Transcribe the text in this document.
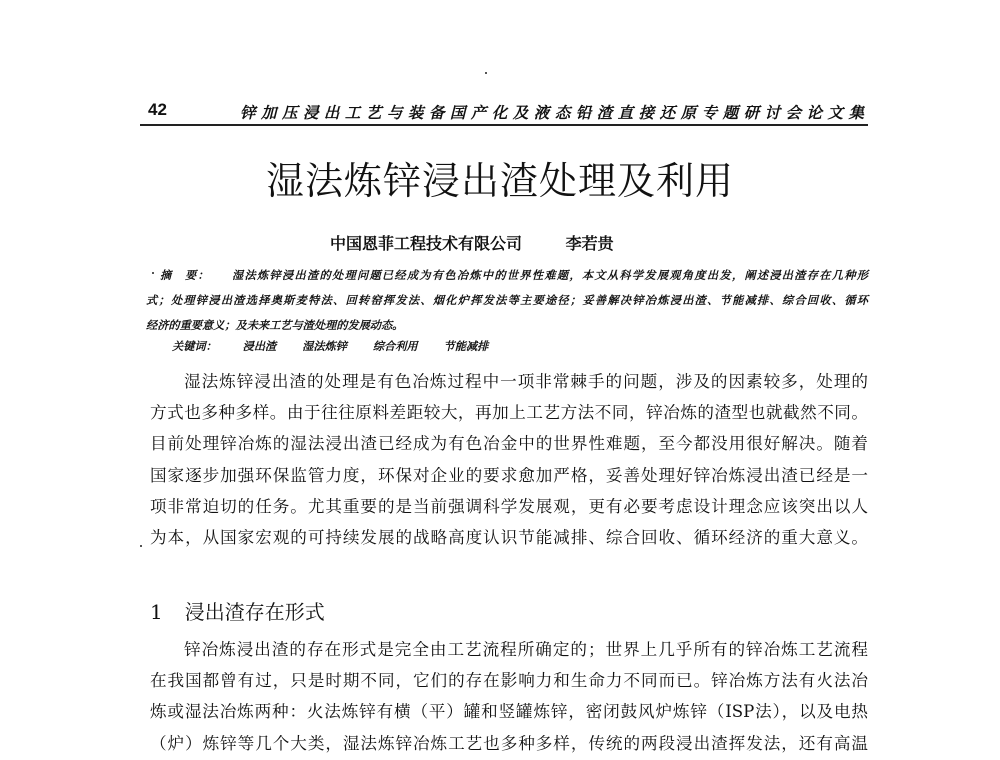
42	锌加压浸出工艺与装备国产化及液态铅渣直接还原专题研讨会论文集
湿法炼锌浸出渣处理及利用
中国恩菲工程技术有限公司	李若贵
摘　要： 湿法炼锌浸出渣的处理问题已经成为有色冶炼中的世界性难题，本文从科学发展观角度出发，阐述浸出渣存在几种形
式；处理锌浸出渣选择奥斯麦特法、回转窑挥发法、烟化炉挥发法等主要途径；妥善解决锌冶炼浸出渣、节能减排、综合回收、循环
经济的重要意义；及未来工艺与渣处理的发展动态。
关键词： 浸出渣 湿法炼锌 综合利用 节能减排
湿法炼锌浸出渣的处理是有色冶炼过程中一项非常棘手的问题，涉及的因素较多，处理的
方式也多种多样。由于往往原料差距较大，再加上工艺方法不同，锌冶炼的渣型也就截然不同。
目前处理锌冶炼的湿法浸出渣已经成为有色冶金中的世界性难题，至今都没用很好解决。随着
国家逐步加强环保监管力度，环保对企业的要求愈加严格，妥善处理好锌冶炼浸出渣已经是一
项非常迫切的任务。尤其重要的是当前强调科学发展观，更有必要考虑设计理念应该突出以人
为本，从国家宏观的可持续发展的战略高度认识节能减排、综合回收、循环经济的重大意义。
1 浸出渣存在形式
锌冶炼浸出渣的存在形式是完全由工艺流程所确定的；世界上几乎所有的锌冶炼工艺流程
在我国都曾有过，只是时期不同，它们的存在影响力和生命力不同而已。锌冶炼方法有火法冶
炼或湿法冶炼两种：火法炼锌有横（平）罐和竖罐炼锌，密闭鼓风炉炼锌（ISP法），以及电热
（炉）炼锌等几个大类，湿法炼锌冶炼工艺也多种多样，传统的两段浸出渣挥发法，还有高温
